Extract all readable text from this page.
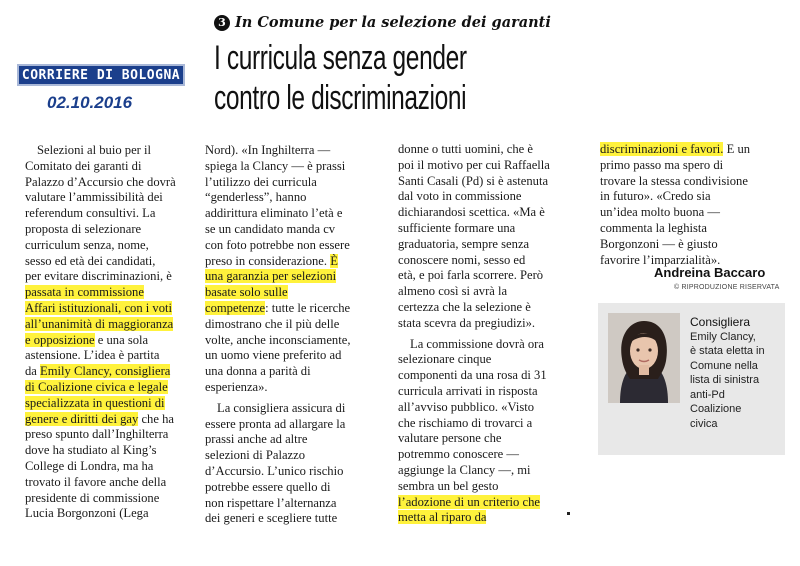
CORRIERE DI BOLOGNA
02.10.2016
3 In Comune per la selezione dei garanti
I curricula senza gender
contro le discriminazioni
Selezioni al buio per il
Comitato dei garanti di
Palazzo d’Accursio che dovrà
valutare l’ammissibilità dei
referendum consultivi. La
proposta di selezionare
curriculum senza, nome,
sesso ed età dei candidati,
per evitare discriminazioni, è
passata in commissione
Affari istituzionali, con i voti
all’unanimità di maggioranza
e opposizione e una sola
astensione. L’idea è partita
da Emily Clancy, consigliera
di Coalizione civica e legale
specializzata in questioni di
genere e diritti dei gay che ha
preso spunto dall’Inghilterra
dove ha studiato al King’s
College di Londra, ma ha
trovato il favore anche della
presidente di commissione
Lucia Borgonzoni (Lega
Nord). «In Inghilterra —
spiega la Clancy — è prassi
l’utilizzo dei curricula
“genderless”, hanno
addirittura eliminato l’età e
se un candidato manda cv
con foto potrebbe non essere
preso in considerazione. È
una garanzia per selezioni
basate solo sulle
competenze: tutte le ricerche
dimostrano che il più delle
volte, anche inconsciamente,
un uomo viene preferito ad
una donna a parità di
esperienza».
La consigliera assicura di
essere pronta ad allargare la
prassi anche ad altre
selezioni di Palazzo
d’Accursio. L’unico rischio
potrebbe essere quello di
non rispettare l’alternanza
dei generi e scegliere tutte
donne o tutti uomini, che è
poi il motivo per cui Raffaella
Santi Casali (Pd) si è astenuta
dal voto in commissione
dichiarandosi scettica. «Ma è
sufficiente formare una
graduatoria, sempre senza
conoscere nomi, sesso ed
età, e poi farla scorrere. Però
almeno così si avrà la
certezza che la selezione è
stata scevra da pregiudizi».
La commissione dovrà ora
selezionare cinque
componenti da una rosa di 31
curricula arrivati in risposta
all’avviso pubblico. «Visto
che rischiamo di trovarci a
valutare persone che
potremmo conoscere —
aggiunge la Clancy —, mi
sembra un bel gesto
l’adozione di un criterio che
metta al riparo da
discriminazioni e favori. E un
primo passo ma spero di
trovare la stessa condivisione
in futuro». «Credo sia
un’idea molto buona —
commenta la leghista
Borgonzoni — è giusto
favorire l’imparzialità».
Andreina Baccaro
© RIPRODUZIONE RISERVATA
Consigliera
Emily Clancy,
è stata eletta in
Comune nella
lista di sinistra
anti-Pd
Coalizione
civica
